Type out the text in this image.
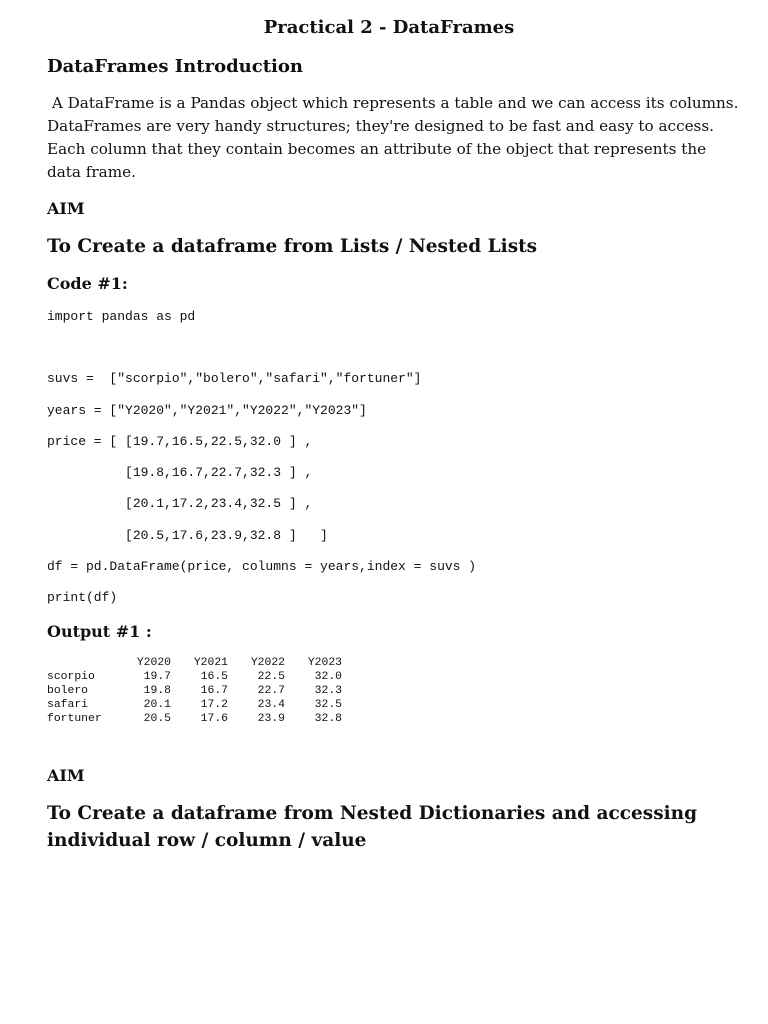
Practical 2 - DataFrames
DataFrames Introduction
A DataFrame is a Pandas object which represents a table and we can access its columns.
DataFrames are very handy structures; they're designed to be fast and easy to access.
Each column that they contain becomes an attribute of the object that represents the
data frame.
AIM
To Create a dataframe from Lists / Nested Lists
Code #1:
import pandas as pd
suvs =  ["scorpio","bolero","safari","fortuner"]
years = ["Y2020","Y2021","Y2022","Y2023"]
price = [ [19.7,16.5,22.5,32.0 ] ,
[19.8,16.7,22.7,32.3 ] ,
[20.1,17.2,23.4,32.5 ] ,
[20.5,17.6,23.9,32.8 ]   ]
df = pd.DataFrame(price, columns = years,index = suvs )
print(df)
Output #1 :
	Y2020	Y2021	Y2022	Y2023
scorpio	19.7	16.5	22.5	32.0
bolero	19.8	16.7	22.7	32.3
safari	20.1	17.2	23.4	32.5
fortuner	20.5	17.6	23.9	32.8
AIM
To Create a dataframe from Nested Dictionaries and accessing
individual row / column / value
